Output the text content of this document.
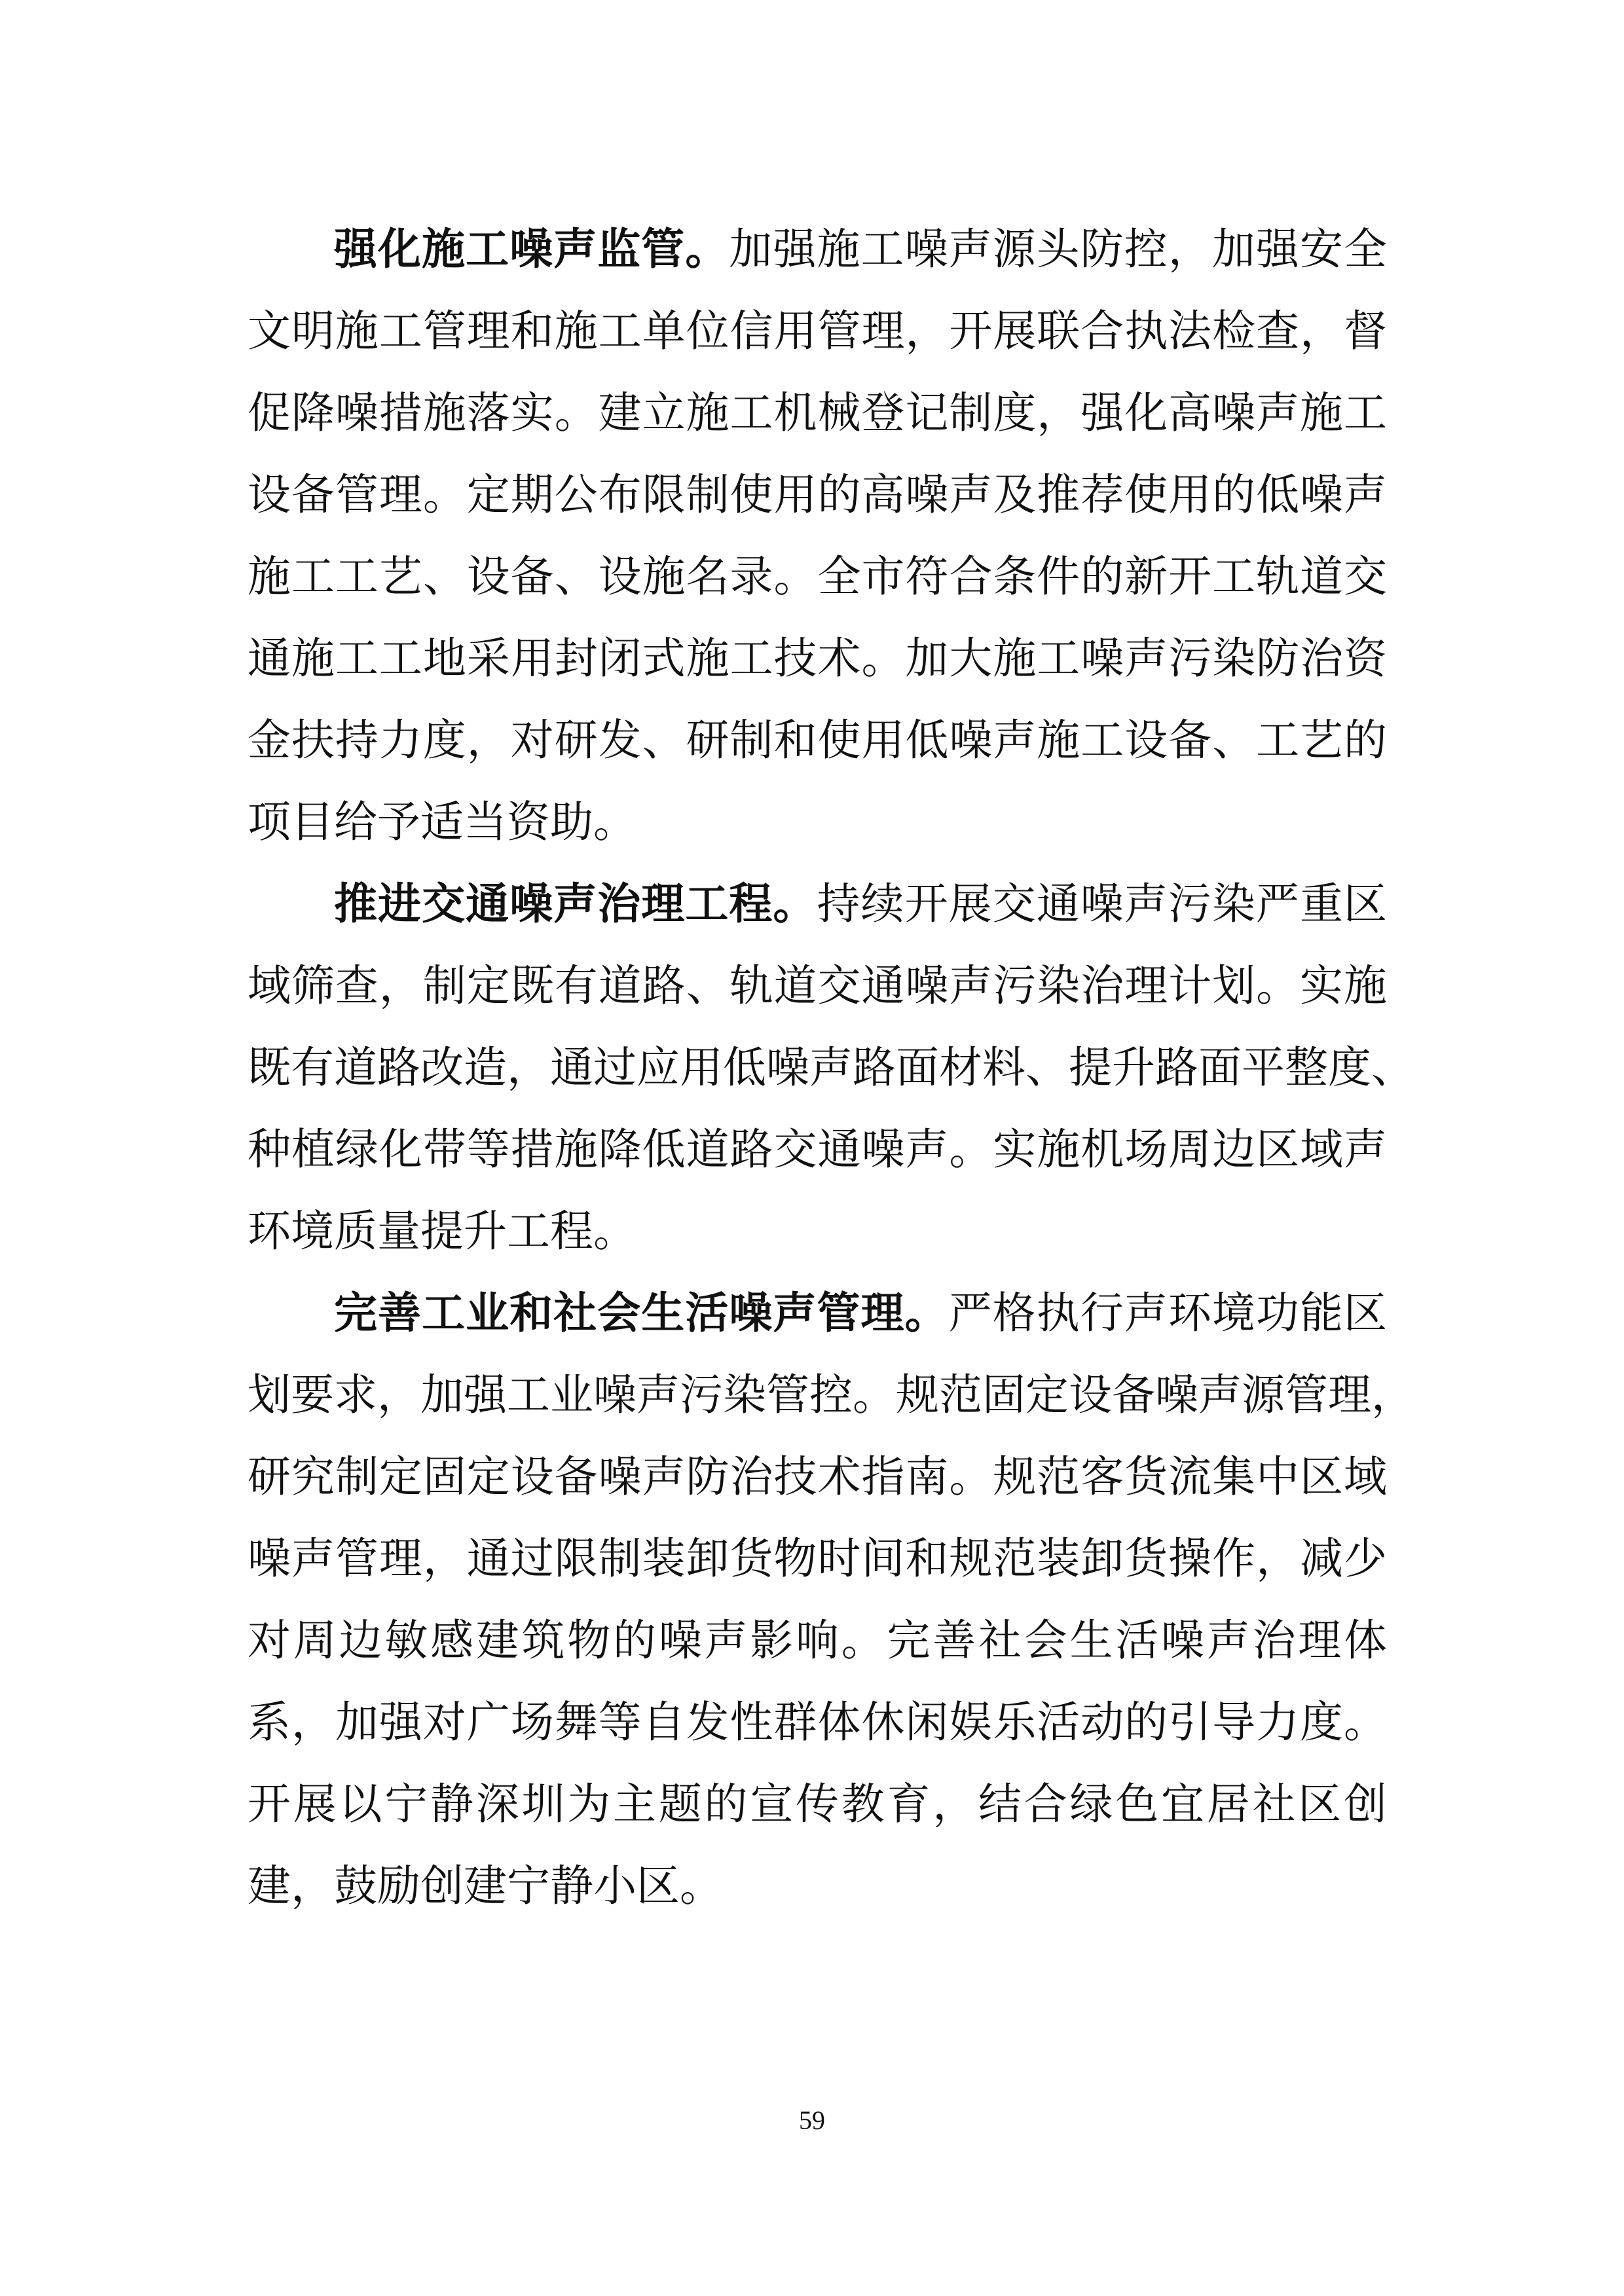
强化施工噪声监管。加强施工噪声源头防控，加强安全
文明施工管理和施工单位信用管理，开展联合执法检查，督
促降噪措施落实。建立施工机械登记制度，强化高噪声施工
设备管理。定期公布限制使用的高噪声及推荐使用的低噪声
施工工艺、设备、设施名录。全市符合条件的新开工轨道交
通施工工地采用封闭式施工技术。加大施工噪声污染防治资
金扶持力度，对研发、研制和使用低噪声施工设备、工艺的
项目给予适当资助。
推进交通噪声治理工程。持续开展交通噪声污染严重区
域筛查，制定既有道路、轨道交通噪声污染治理计划。实施
既有道路改造，通过应用低噪声路面材料、提升路面平整度、
种植绿化带等措施降低道路交通噪声。实施机场周边区域声
环境质量提升工程。
完善工业和社会生活噪声管理。严格执行声环境功能区
划要求，加强工业噪声污染管控。规范固定设备噪声源管理，
研究制定固定设备噪声防治技术指南。规范客货流集中区域
噪声管理，通过限制装卸货物时间和规范装卸货操作，减少
对周边敏感建筑物的噪声影响。完善社会生活噪声治理体
系，加强对广场舞等自发性群体休闲娱乐活动的引导力度。
开展以宁静深圳为主题的宣传教育，结合绿色宜居社区创
建，鼓励创建宁静小区。
59
